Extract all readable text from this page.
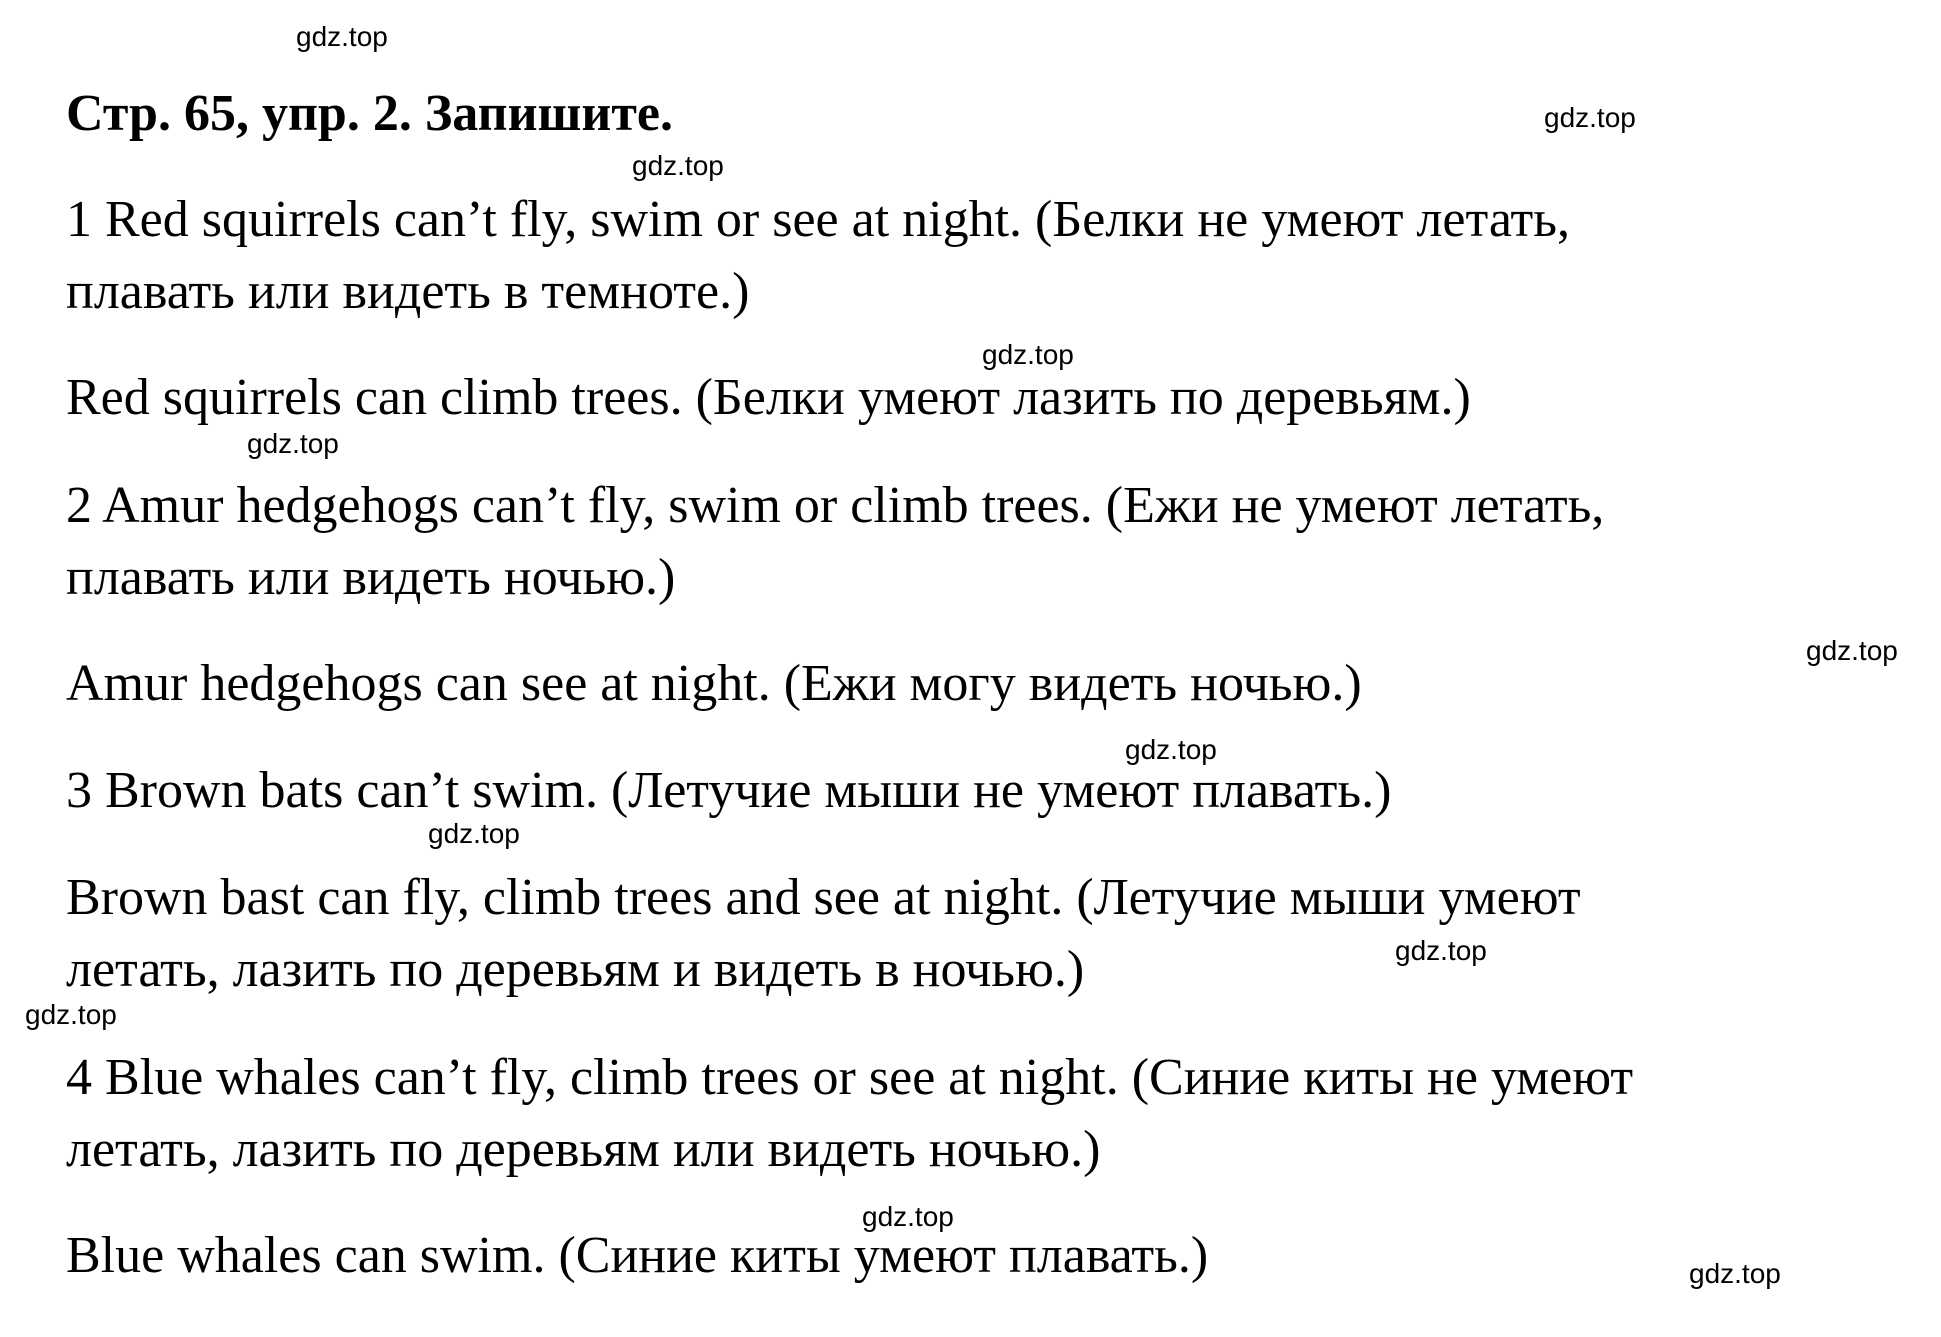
Стр. 65, упр. 2. Запишите.
1 Red squirrels can’t fly, swim or see at night. (Белки не умеют летать,
плавать или видеть в темноте.)
Red squirrels can climb trees. (Белки умеют лазить по деревьям.)
2 Amur hedgehogs can’t fly, swim or climb trees. (Ежи не умеют летать,
плавать или видеть ночью.)
Amur hedgehogs can see at night. (Ежи могу видеть ночью.)
3 Brown bats can’t swim. (Летучие мыши не умеют плавать.)
Brown bast can fly, climb trees and see at night. (Летучие мыши умеют
летать, лазить по деревьям и видеть в ночью.)
4 Blue whales can’t fly, climb trees or see at night. (Синие киты не умеют
летать, лазить по деревьям или видеть ночью.)
Blue whales can swim. (Синие киты умеют плавать.)
gdz.top
gdz.top
gdz.top
gdz.top
gdz.top
gdz.top
gdz.top
gdz.top
gdz.top
gdz.top
gdz.top
gdz.top
